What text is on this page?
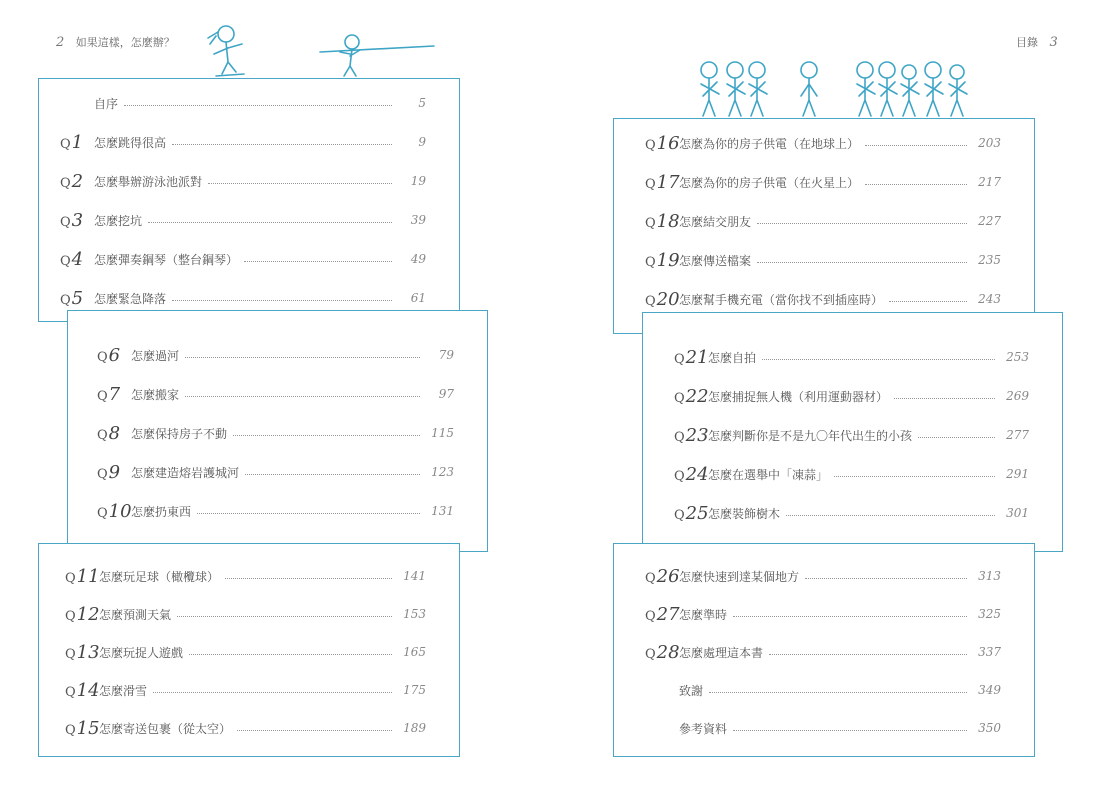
2 如果這樣，怎麼辦？	目錄 3
自序	5
Q 1 怎麼跳得很高	9
Q 2 怎麼舉辦游泳池派對	19
Q 3 怎麼挖坑	39
Q 4 怎麼彈奏鋼琴（整台鋼琴）	49
Q 5 怎麼緊急降落	61
Q 6 怎麼過河	79
Q 7 怎麼搬家	97
Q 8 怎麼保持房子不動	115
Q 9 怎麼建造熔岩護城河	123
Q 10 怎麼扔東西	131
Q 11 怎麼玩足球（橄欖球）	141
Q 12 怎麼預測天氣	153
Q 13 怎麼玩捉人遊戲	165
Q 14 怎麼滑雪	175
Q 15 怎麼寄送包裹（從太空）	189
Q 16 怎麼為你的房子供電（在地球上）	203
Q 17 怎麼為你的房子供電（在火星上）	217
Q 18 怎麼結交朋友	227
Q 19 怎麼傳送檔案	235
Q 20 怎麼幫手機充電（當你找不到插座時）	243
Q 21 怎麼自拍	253
Q 22 怎麼捕捉無人機（利用運動器材）	269
Q 23 怎麼判斷你是不是九〇年代出生的小孩	277
Q 24 怎麼在選舉中「凍蒜」	291
Q 25 怎麼裝飾樹木	301
Q 26 怎麼快速到達某個地方	313
Q 27 怎麼準時	325
Q 28 怎麼處理這本書	337
致謝	349
參考資料	350
